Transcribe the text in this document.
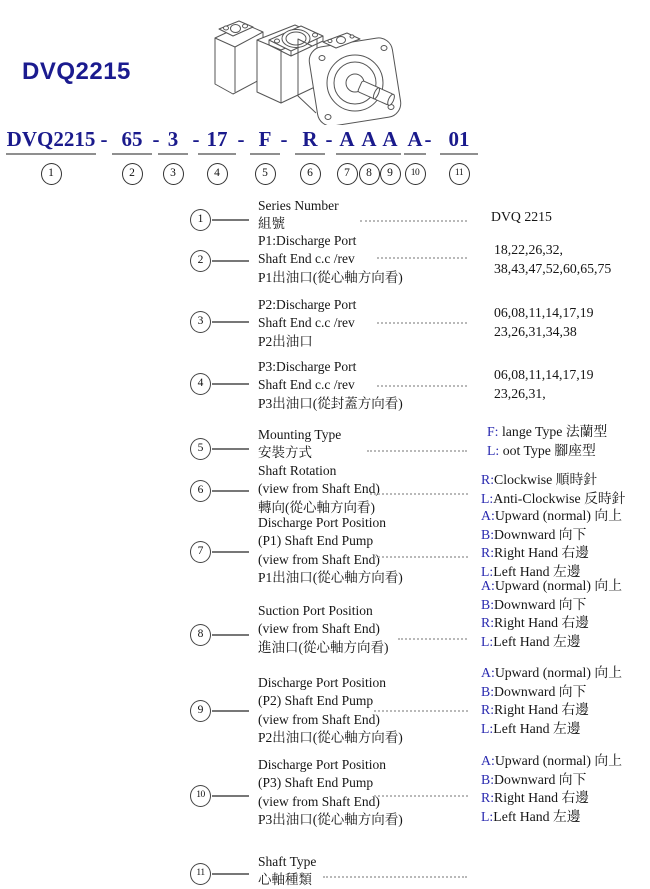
DVQ2215
DVQ2215
1
65
2
3
3
17
4
F
5
R
6
A
7
A
8
A
9
A
10
01
11
- - - - - -	-
1
Series Number
組號	DVQ 2215
2
P1:Discharge Port
Shaft End c.c /rev
P1出油口(從心軸方向看)
18,22,26,32,
38,43,47,52,60,65,75
3
P2:Discharge Port
Shaft End c.c /rev
P2出油口
06,08,11,14,17,19
23,26,31,34,38
4
P3:Discharge Port
Shaft End c.c /rev
P3出油口(從封蓋方向看)
06,08,11,14,17,19
23,26,31,
5
Mounting Type
安裝方式
F: lange Type 法蘭型
L: oot Type 腳座型
6
Shaft Rotation
(view from Shaft End)
轉向(從心軸方向看)
R:Clockwise 順時針
L:Anti-Clockwise 反時針
7
Discharge Port Position
(P1) Shaft End Pump
(view from Shaft End)
P1出油口(從心軸方向看)
A:Upward (normal) 向上
B:Downward 向下
R:Right Hand 右邊
L:Left Hand 左邊
8
Suction Port Position
(view from Shaft End)
進油口(從心軸方向看)
A:Upward (normal) 向上
B:Downward 向下
R:Right Hand 右邊
L:Left Hand 左邊
9
Discharge Port Position
(P2) Shaft End Pump
(view from Shaft End)
P2出油口(從心軸方向看)
A:Upward (normal) 向上
B:Downward 向下
R:Right Hand 右邊
L:Left Hand 左邊
10
Discharge Port Position
(P3) Shaft End Pump
(view from Shaft End)
P3出油口(從心軸方向看)
A:Upward (normal) 向上
B:Downward 向下
R:Right Hand 右邊
L:Left Hand 左邊
11
Shaft Type
心軸種類
